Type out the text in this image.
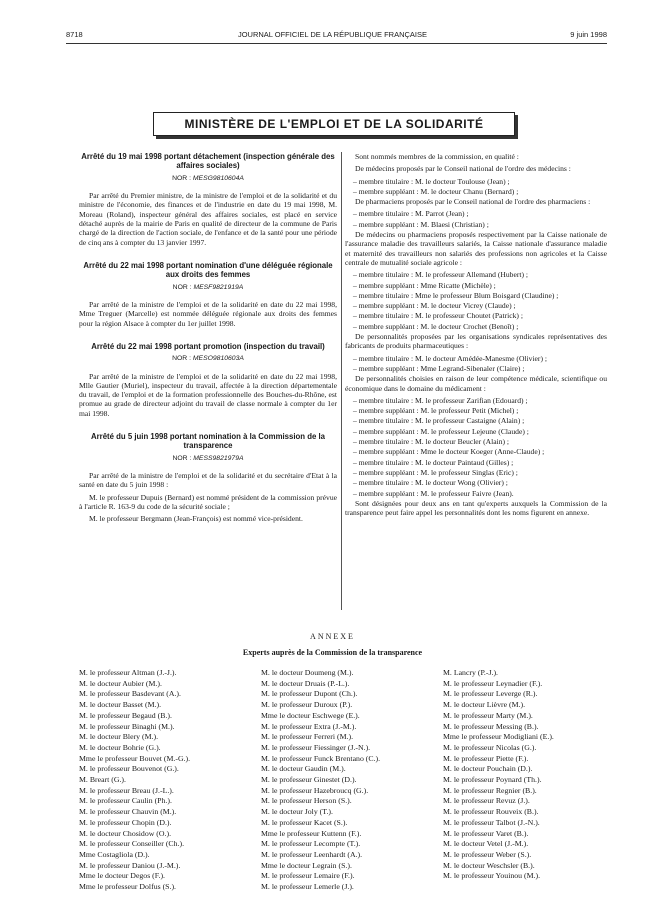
8718	JOURNAL OFFICIEL DE LA RÉPUBLIQUE FRANÇAISE	9 juin 1998
MINISTÈRE DE L'EMPLOI ET DE LA SOLIDARITÉ
Arrêté du 19 mai 1998 portant détachement (inspection générale des affaires sociales)
NOR : MESG9810604A

Par arrêté du Premier ministre, de la ministre de l'emploi et de la solidarité et du ministre de l'économie, des finances et de l'industrie en date du 19 mai 1998, M. Moreau (Roland), inspecteur général des affaires sociales, est placé en service détaché auprès de la mairie de Paris en qualité de directeur de la commune de Paris chargé de la direction de l'action sociale, de l'enfance et de la santé pour une période de cinq ans à compter du 13 janvier 1997.

Arrêté du 22 mai 1998 portant nomination d'une déléguée régionale aux droits des femmes
NOR : MESF9821919A

Par arrêté de la ministre de l'emploi et de la solidarité en date du 22 mai 1998, Mme Treguer (Marcelle) est nommée déléguée régionale aux droits des femmes pour la région Alsace à compter du 1er juillet 1998.

Arrêté du 22 mai 1998 portant promotion (inspection du travail)
NOR : MESO9810603A

Par arrêté de la ministre de l'emploi et de la solidarité en date du 22 mai 1998, Mlle Gautier (Muriel), inspecteur du travail, affectée à la direction départementale du travail, de l'emploi et de la formation professionnelle des Bouches-du-Rhône, est promue au grade de directeur adjoint du travail de classe normale à compter du 1er mai 1998.

Arrêté du 5 juin 1998 portant nomination à la Commission de la transparence
NOR : MESS9821979A

Par arrêté de la ministre de l'emploi et de la solidarité et du secrétaire d'Etat à la santé en date du 5 juin 1998 :

M. le professeur Dupuis (Bernard) est nommé président de la commission prévue à l'article R. 163-9 du code de la sécurité sociale ;

M. le professeur Bergmann (Jean-François) est nommé vice-président.

Sont nommés membres de la commission, en qualité :
De médecins proposés par le Conseil national de l'ordre des médecins :
– membre titulaire : M. le docteur Toulouse (Jean) ;
– membre suppléant : M. le docteur Chanu (Bernard) ;
De pharmaciens proposés par le Conseil national de l'ordre des pharmaciens :
– membre titulaire : M. Parrot (Jean) ;
– membre suppléant : M. Blaesi (Christian) ;
De médecins ou pharmaciens proposés respectivement par la Caisse nationale de l'assurance maladie des travailleurs salariés, la Caisse nationale d'assurance maladie et maternité des travailleurs non salariés des professions non agricoles et la Caisse centrale de mutualité sociale agricole :
– membre titulaire : M. le professeur Allemand (Hubert) ;
– membre suppléant : Mme Ricatte (Michèle) ;
– membre titulaire : Mme le professeur Blum Boisgard (Claudine) ;
– membre suppléant : M. le docteur Vicrey (Claude) ;
– membre titulaire : M. le professeur Choutet (Patrick) ;
– membre suppléant : M. le docteur Crochet (Benoît) ;
De personnalités proposées par les organisations syndicales représentatives des fabricants de produits pharmaceutiques :
– membre titulaire : M. le docteur Amédée-Manesme (Olivier) ;
– membre suppléant : Mme Legrand-Sibenaler (Claire) ;
De personnalités choisies en raison de leur compétence médicale, scientifique ou économique dans le domaine du médicament :
– membre titulaire : M. le professeur Zarifian (Edouard) ;
– membre suppléant : M. le professeur Petit (Michel) ;
– membre titulaire : M. le professeur Castaigne (Alain) ;
– membre suppléant : M. le professeur Lejeune (Claude) ;
– membre titulaire : M. le docteur Beucler (Alain) ;
– membre suppléant : Mme le docteur Koeger (Anne-Claude) ;
– membre titulaire : M. le docteur Paintaud (Gilles) ;
– membre suppléant : M. le professeur Singlas (Eric) ;
– membre titulaire : M. le docteur Wong (Olivier) ;
– membre suppléant : M. le professeur Faivre (Jean).
Sont désignées pour deux ans en tant qu'experts auxquels la Commission de la transparence peut faire appel les personnalités dont les noms figurent en annexe.
ANNEXE
Experts auprès de la Commission de la transparence
M. le professeur Altman (J.-J.).
M. le docteur Aubier (M.).
M. le professeur Basdevant (A.).
M. le docteur Basset (M.).
M. le professeur Begaud (B.).
M. le professeur Binaghi (M.).
M. le docteur Blery (M.).
M. le docteur Bohrie (G.).
Mme le professeur Bouvet (M.-G.).
M. le professeur Bouvenot (G.).
M. Breart (G.).
M. le professeur Breau (J.-L.).
M. le professeur Caulin (Ph.).
M. le professeur Chauvin (M.).
M. le professeur Chopin (D.).
M. le docteur Chosidow (O.).
M. le professeur Conseiller (Ch.).
Mme Costagliola (D.).
M. le professeur Daniou (J.-M.).
Mme le docteur Degos (F.).
Mme le professeur Dolfus (S.).
M. le docteur Doumeng (M.).
M. le docteur Druais (P.-L.).
M. le professeur Dupont (Ch.).
M. le professeur Duroux (P.).
Mme le docteur Eschwege (E.).
M. le professeur Extra (J.-M.).
M. le professeur Ferreri (M.).
M. le professeur Fiessinger (J.-N.).
M. le professeur Funck Brentano (C.).
M. le docteur Gaudin (M.).
M. le professeur Ginestet (D.).
M. le professeur Hazebroucq (G.).
M. le professeur Herson (S.).
M. le docteur Joly (T.).
M. le professeur Kacet (S.).
Mme le professeur Kuttenn (F.).
M. le professeur Lecompte (T.).
M. le professeur Leenhardt (A.).
Mme le docteur Legrain (S.).
M. le professeur Lemaire (F.).
M. le professeur Lemerle (J.).
M. Lancry (P.-J.).
M. le professeur Leynadier (F.).
M. le professeur Leverge (R.).
M. le docteur Lièvre (M.).
M. le professeur Marty (M.).
M. le professeur Messing (B.).
Mme le professeur Modigliani (E.).
M. le professeur Nicolas (G.).
M. le professeur Piette (F.).
M. le docteur Pouchain (D.).
M. le professeur Poynard (Th.).
M. le professeur Regnier (B.).
M. le professeur Revuz (J.).
M. le professeur Rouveix (B.).
M. le professeur Talbot (J.-N.).
M. le professeur Varet (B.).
M. le docteur Vetel (J.-M.).
M. le professeur Weber (S.).
M. le docteur Weschsler (B.).
M. le professeur Youinou (M.).
